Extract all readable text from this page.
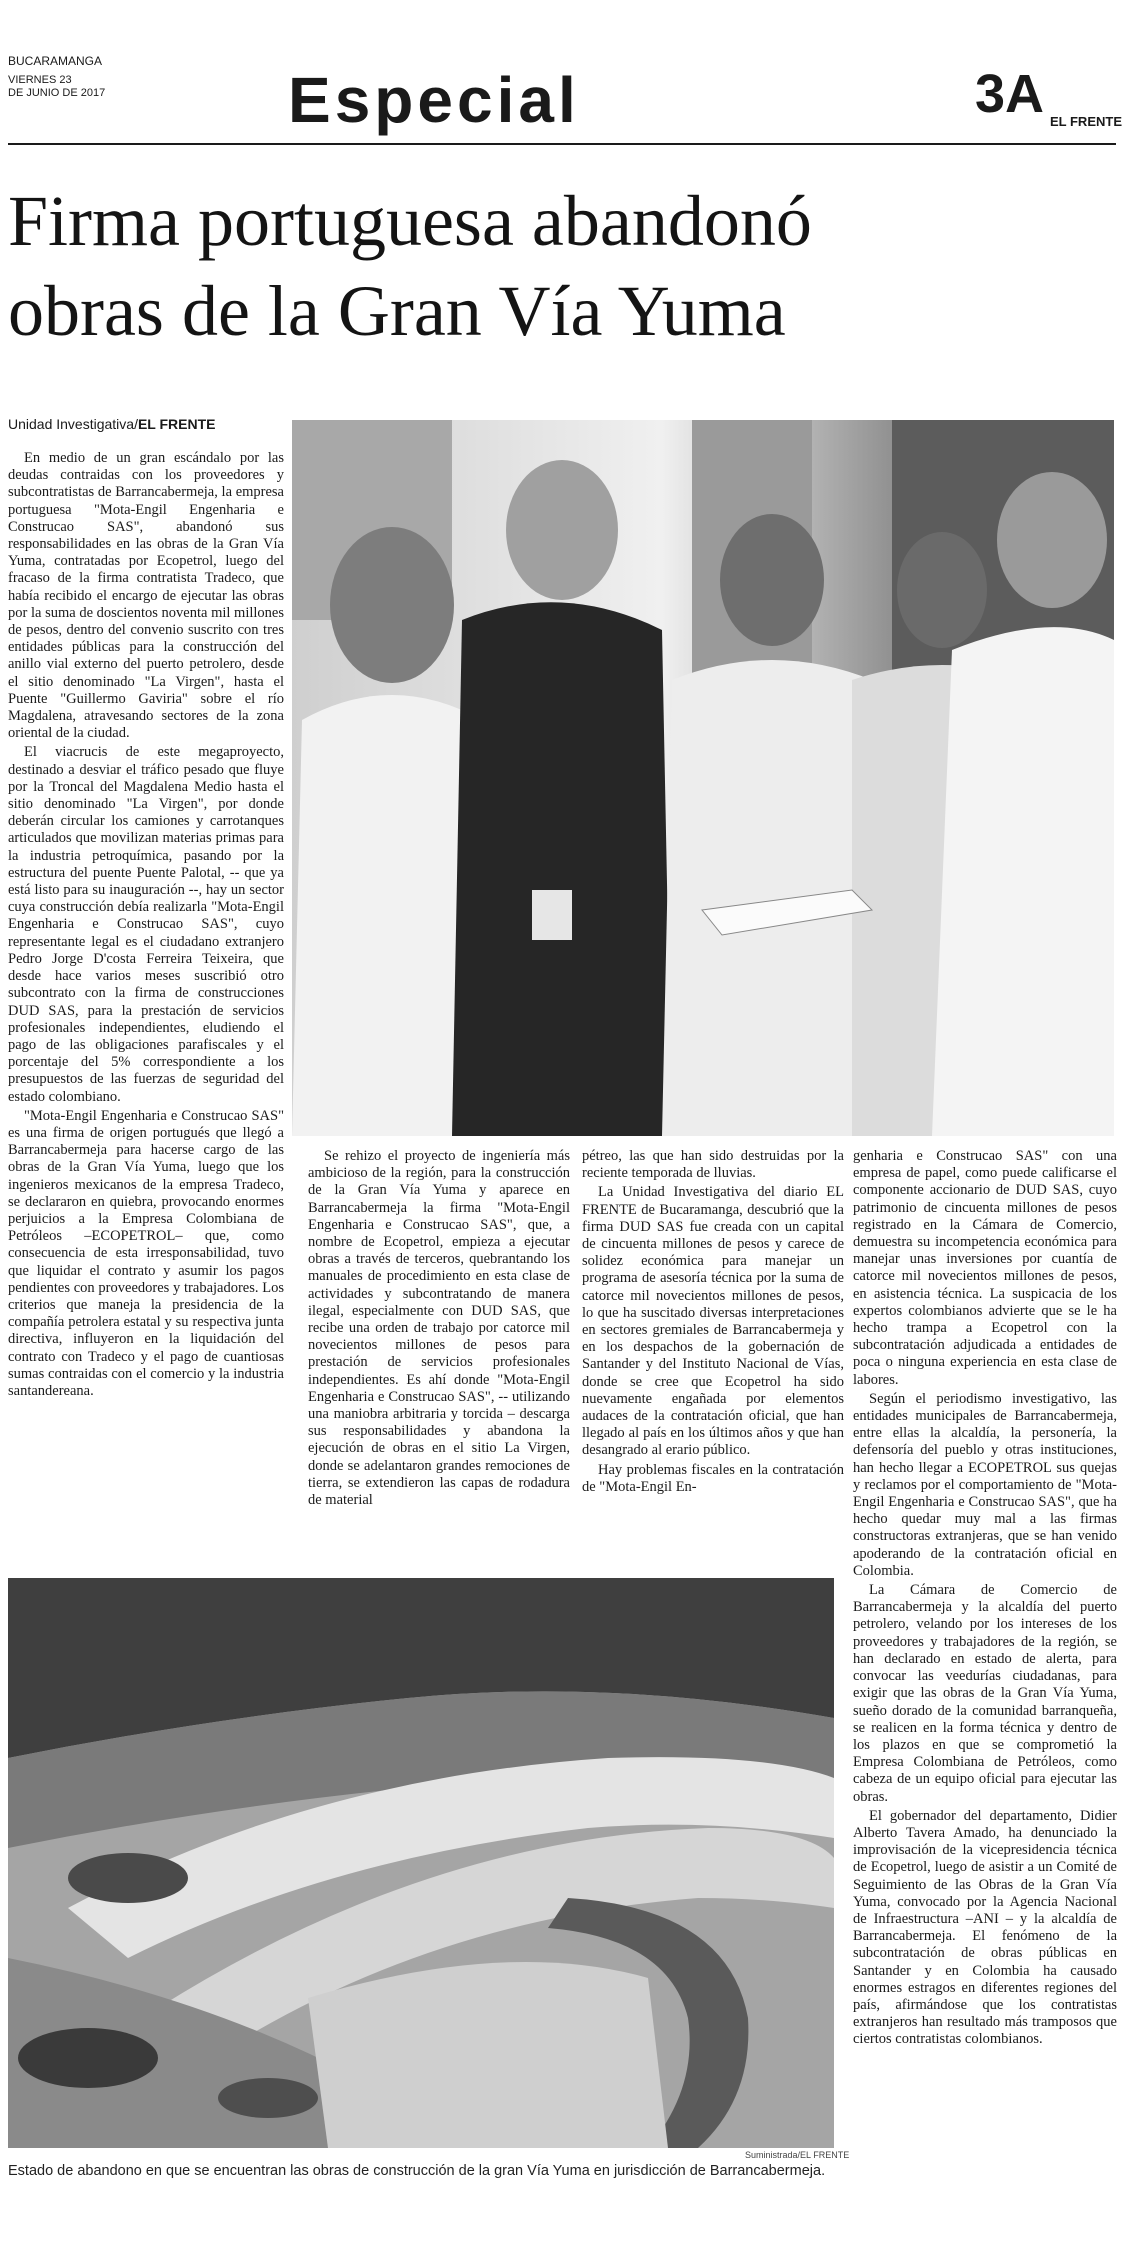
BUCARAMANGA
VIERNES 23
DE JUNIO DE 2017	Especial	3A EL FRENTE
Firma portuguesa abandonó
obras de la Gran Vía Yuma
Unidad Investigativa/EL FRENTE

En medio de un gran escándalo por las deudas contraidas con los proveedores y subcontratistas de Barrancabermeja, la empresa portuguesa "Mota-Engil Engenharia e Construcao SAS", abandonó sus responsabilidades en las obras de la Gran Vía Yuma, contratadas por Ecopetrol, luego del fracaso de la firma contratista Tradeco, que había recibido el encargo de ejecutar las obras por la suma de doscientos noventa mil millones de pesos, dentro del convenio suscrito con tres entidades públicas para la construcción del anillo vial externo del puerto petrolero, desde el sitio denominado "La Virgen", hasta el Puente "Guillermo Gaviria" sobre el río Magdalena, atravesando sectores de la zona oriental de la ciudad.

El viacrucis de este megaproyecto, destinado a desviar el tráfico pesado que fluye por la Troncal del Magdalena Medio hasta el sitio denominado "La Virgen", por donde deberán circular los camiones y carrotanques articulados que movilizan materias primas para la industria petroquímica, pasando por la estructura del puente Puente Palotal, -- que ya está listo para su inauguración --, hay un sector cuya construcción debía realizarla "Mota-Engil Engenharia e Construcao SAS", cuyo representante legal es el ciudadano extranjero Pedro Jorge D'costa Ferreira Teixeira, que desde hace varios meses suscribió otro subcontrato con la firma de construcciones DUD SAS, para la prestación de servicios profesionales independientes, eludiendo el pago de las obligaciones parafiscales y el porcentaje del 5% correspondiente a los presupuestos de las fuerzas de seguridad del estado colombiano.

"Mota-Engil Engenharia e Construcao SAS" es una firma de origen portugués que llegó a Barrancabermeja para hacerse cargo de las obras de la Gran Vía Yuma, luego que los ingenieros mexicanos de la empresa Tradeco, se declararon en quiebra, provocando enormes perjuicios a la Empresa Colombiana de Petróleos –ECOPETROL– que, como consecuencia de esta irresponsabilidad, tuvo que liquidar el contrato y asumir los pagos pendientes con proveedores y trabajadores. Los criterios que maneja la presidencia de la compañía petrolera estatal y su respectiva junta directiva, influyeron en la liquidación del contrato con Tradeco y el pago de cuantiosas sumas contraidas con el comercio y la industria santandereana.

Se rehizo el proyecto de ingeniería más ambicioso de la región, para la construcción de la Gran Vía Yuma y aparece en Barrancabermeja la firma "Mota-Engil Engenharia e Construcao SAS", que, a nombre de Ecopetrol, empieza a ejecutar obras a través de terceros, quebrantando los manuales de procedimiento en esta clase de actividades y subcontratando de manera ilegal, especialmente con DUD SAS, que recibe una orden de trabajo por catorce mil novecientos millones de pesos para prestación de servicios profesionales independientes. Es ahí donde "Mota-Engil Engenharia e Construcao SAS", -- utilizando una maniobra arbitraria y torcida – descarga sus responsabilidades y abandona la ejecución de obras en el sitio La Virgen, donde se adelantaron grandes remociones de tierra, se extendieron las capas de rodadura de material

pétreo, las que han sido destruidas por la reciente temporada de lluvias.

La Unidad Investigativa del diario EL FRENTE de Bucaramanga, descubrió que la firma DUD SAS fue creada con un capital de cincuenta millones de pesos y carece de solidez económica para manejar un programa de asesoría técnica por la suma de catorce mil novecientos millones de pesos, lo que ha suscitado diversas interpretaciones en sectores gremiales de Barrancabermeja y en los despachos de la gobernación de Santander y del Instituto Nacional de Vías, donde se cree que Ecopetrol ha sido nuevamente engañada por elementos audaces de la contratación oficial, que han llegado al país en los últimos años y que han desangrado al erario público.

Hay problemas fiscales en la contratación de "Mota-Engil En-

genharia e Construcao SAS" con una empresa de papel, como puede calificarse el componente accionario de DUD SAS, cuyo patrimonio de cincuenta millones de pesos registrado en la Cámara de Comercio, demuestra su incompetencia económica para manejar unas inversiones por cuantía de catorce mil novecientos millones de pesos, en asistencia técnica. La suspicacia de los expertos colombianos advierte que se le ha hecho trampa a Ecopetrol con la subcontratación adjudicada a entidades de poca o ninguna experiencia en esta clase de labores.

Según el periodismo investigativo, las entidades municipales de Barrancabermeja, entre ellas la alcaldía, la personería, la defensoría del pueblo y otras instituciones, han hecho llegar a ECOPETROL sus quejas y reclamos por el comportamiento de "Mota-Engil Engenharia e Construcao SAS", que ha hecho quedar muy mal a las firmas constructoras extranjeras, que se han venido apoderando de la contratación oficial en Colombia.

La Cámara de Comercio de Barrancabermeja y la alcaldía del puerto petrolero, velando por los intereses de los proveedores y trabajadores de la región, se han declarado en estado de alerta, para convocar las veedurías ciudadanas, para exigir que las obras de la Gran Vía Yuma, sueño dorado de la comunidad barranqueña, se realicen en la forma técnica y dentro de los plazos en que se comprometió la Empresa Colombiana de Petróleos, como cabeza de un equipo oficial para ejecutar las obras.

El gobernador del departamento, Didier Alberto Tavera Amado, ha denunciado la improvisación de la vicepresidencia técnica de Ecopetrol, luego de asistir a un Comité de Seguimiento de las Obras de la Gran Vía Yuma, convocado por la Agencia Nacional de Infraestructura –ANI – y la alcaldía de Barrancabermeja. El fenómeno de la subcontratación de obras públicas en Santander y en Colombia ha causado enormes estragos en diferentes regiones del país, afirmándose que los contratistas extranjeros han resultado más tramposos que ciertos contratistas colombianos.

Suministrada/EL FRENTE
Estado de abandono en que se encuentran las obras de construcción de la gran Vía Yuma en jurisdicción de Barrancabermeja.
